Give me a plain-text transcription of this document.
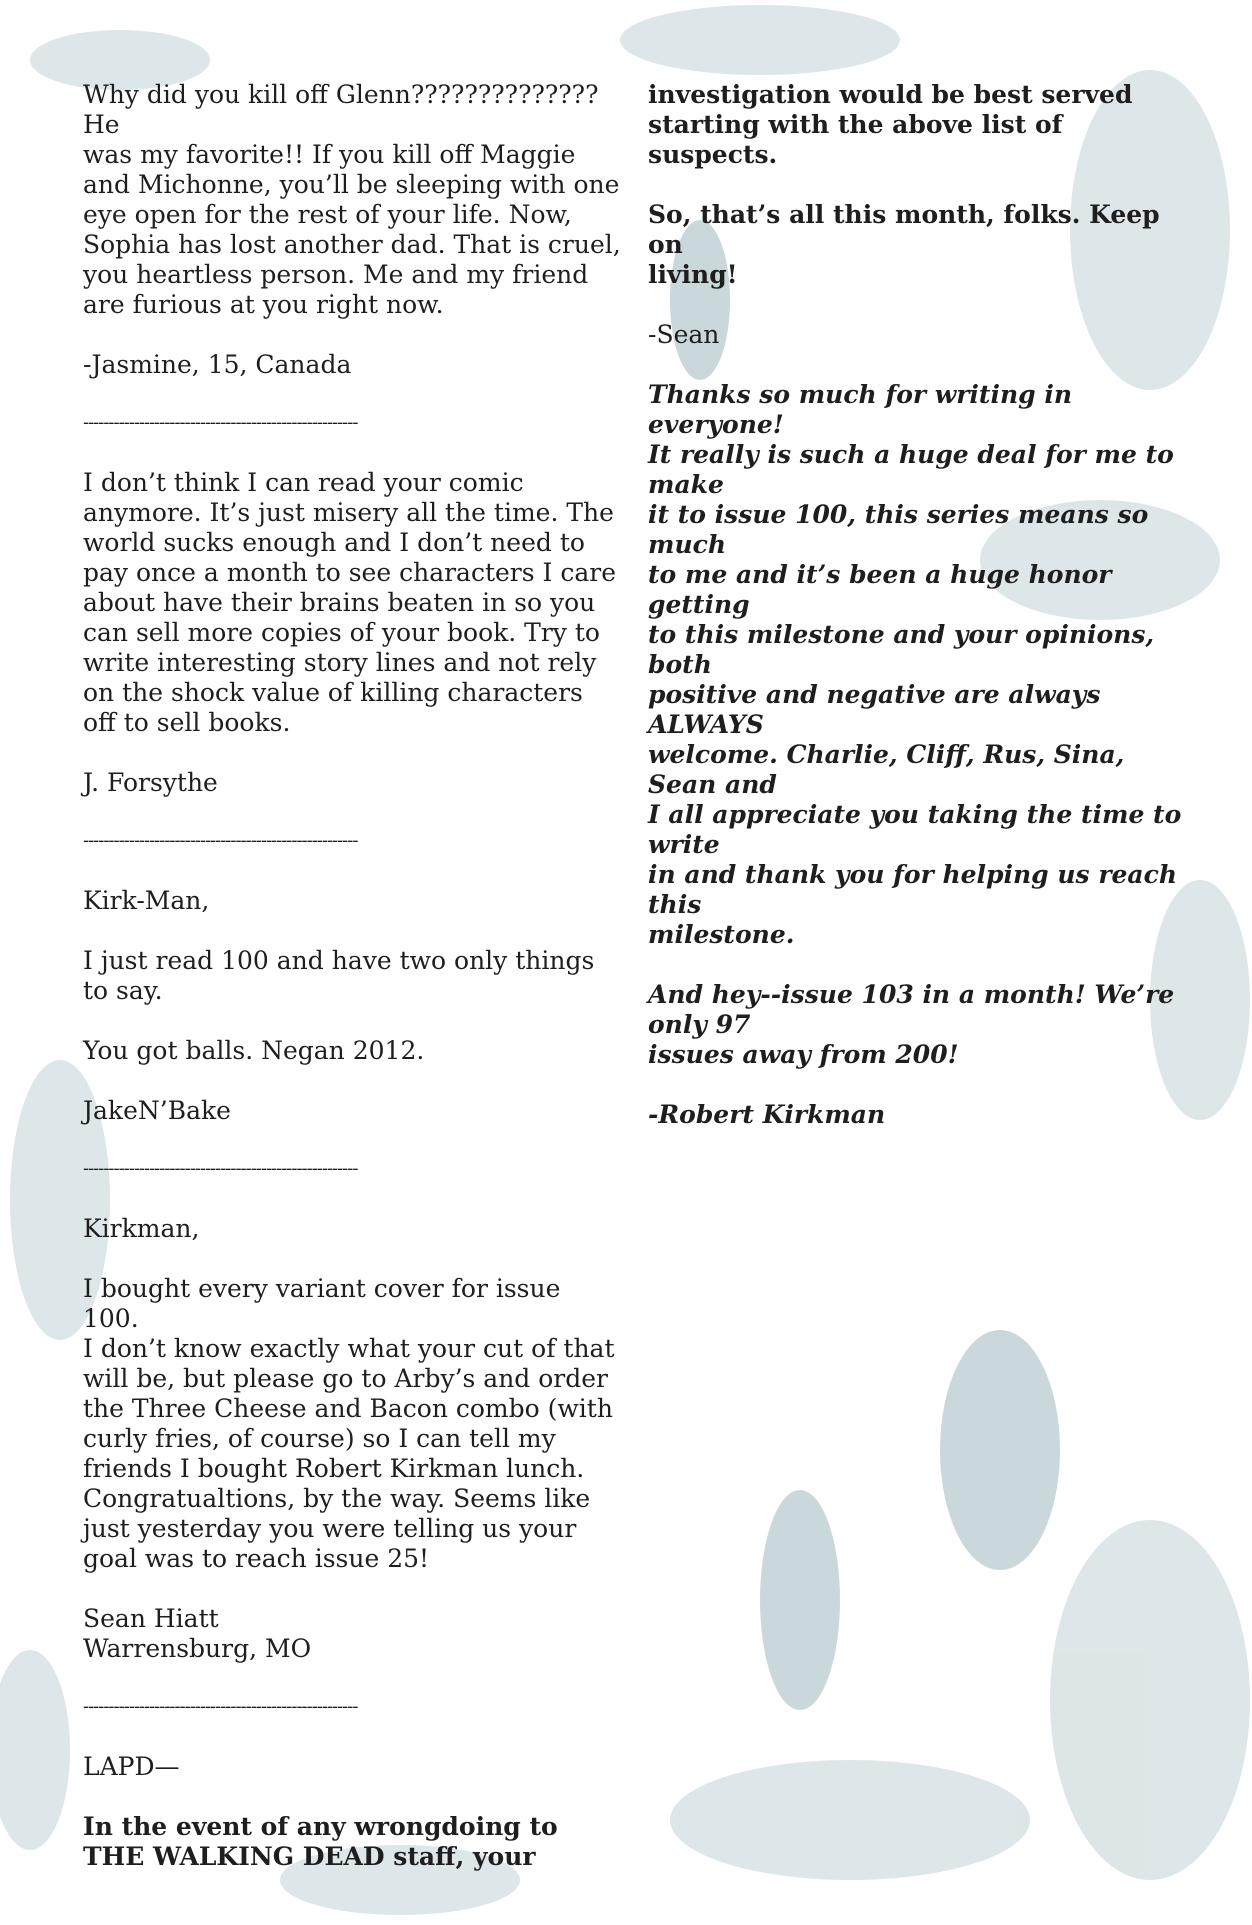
Why did you kill off Glenn?????????????? He
was my favorite!! If you kill off Maggie
and Michonne, you’ll be sleeping with one
eye open for the rest of your life. Now,
Sophia has lost another dad. That is cruel,
you heartless person. Me and my friend
are furious at you right now.

-Jasmine, 15, Canada

------------------------------------------------------

I don’t think I can read your comic
anymore. It’s just misery all the time. The
world sucks enough and I don’t need to
pay once a month to see characters I care
about have their brains beaten in so you
can sell more copies of your book. Try to
write interesting story lines and not rely
on the shock value of killing characters
off to sell books.

J. Forsythe

------------------------------------------------------

Kirk-Man,

I just read 100 and have two only things
to say.

You got balls. Negan 2012.

JakeN’Bake

------------------------------------------------------

Kirkman,

I bought every variant cover for issue 100.
I don’t know exactly what your cut of that
will be, but please go to Arby’s and order
the Three Cheese and Bacon combo (with
curly fries, of course) so I can tell my
friends I bought Robert Kirkman lunch.
Congratualtions, by the way. Seems like
just yesterday you were telling us your
goal was to reach issue 25!

Sean Hiatt
Warrensburg, MO

------------------------------------------------------

LAPD—

In the event of any wrongdoing to
THE WALKING DEAD staff, your

investigation would be best served
starting with the above list of suspects.

So, that’s all this month, folks. Keep on
living!

-Sean

Thanks so much for writing in everyone!
It really is such a huge deal for me to make
it to issue 100, this series means so much
to me and it’s been a huge honor getting
to this milestone and your opinions, both
positive and negative are always ALWAYS
welcome. Charlie, Cliff, Rus, Sina, Sean and
I all appreciate you taking the time to write
in and thank you for helping us reach this
milestone.

And hey--issue 103 in a month! We’re only 97
issues away from 200!

-Robert Kirkman
